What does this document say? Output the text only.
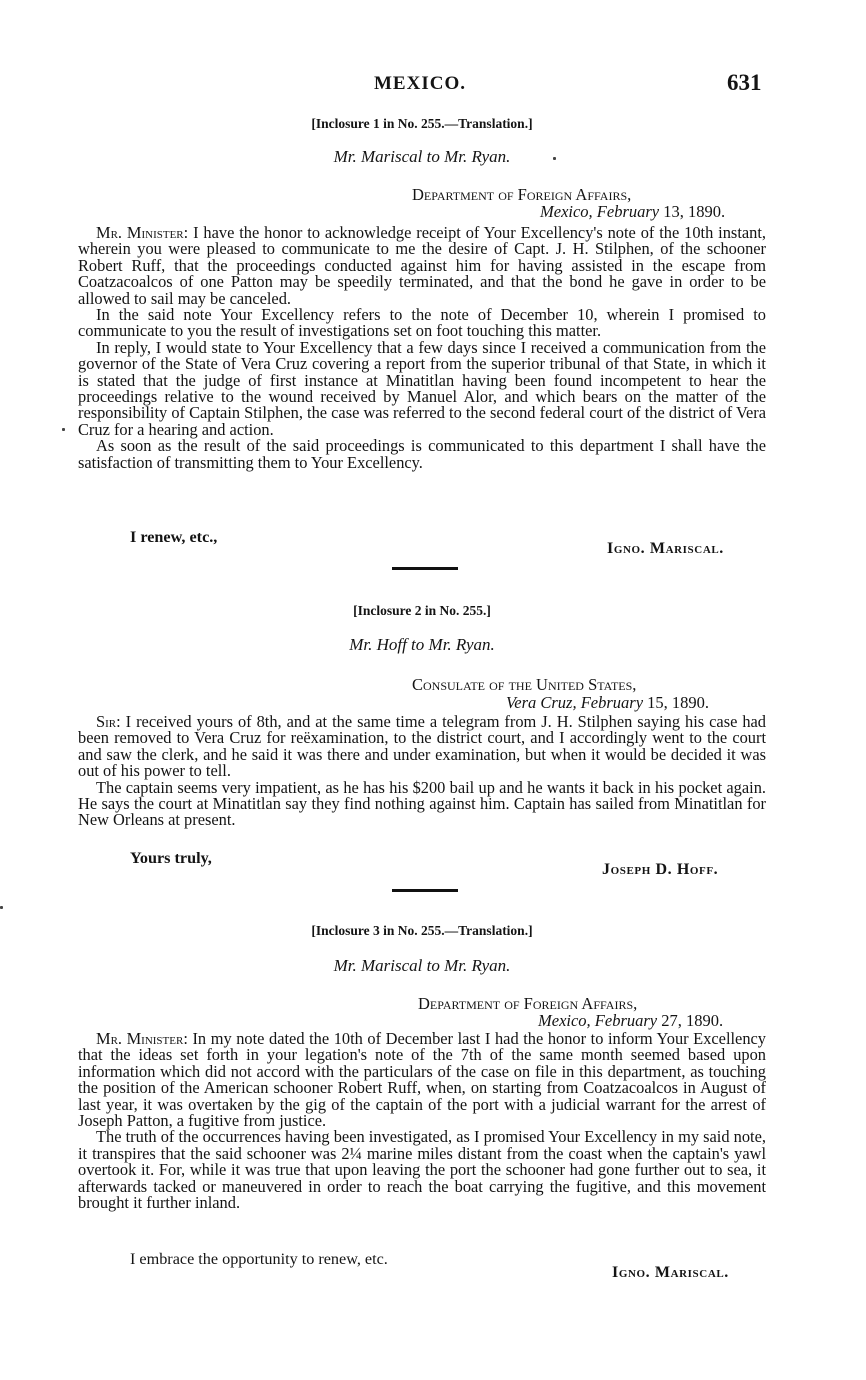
MEXICO.	631
[Inclosure 1 in No. 255.—Translation.]
Mr. Mariscal to Mr. Ryan.
Department of Foreign Affairs,
Mexico, February 13, 1890.

Mr. Minister: I have the honor to acknowledge receipt of Your Excellency's note of the 10th instant, wherein you were pleased to communicate to me the desire of Capt. J. H. Stilphen, of the schooner Robert Ruff, that the proceedings conducted against him for having assisted in the escape from Coatzacoalcos of one Patton may be speedily terminated, and that the bond he gave in order to be allowed to sail may be canceled.

In the said note Your Excellency refers to the note of December 10, wherein I promised to communicate to you the result of investigations set on foot touching this matter.

In reply, I would state to Your Excellency that a few days since I received a communication from the governor of the State of Vera Cruz covering a report from the superior tribunal of that State, in which it is stated that the judge of first instance at Minatitlan having been found incompetent to hear the proceedings relative to the wound received by Manuel Alor, and which bears on the matter of the responsibility of Captain Stilphen, the case was referred to the second federal court of the district of Vera Cruz for a hearing and action.

As soon as the result of the said proceedings is communicated to this department I shall have the satisfaction of transmitting them to Your Excellency.

I renew, etc.,
Igno. Mariscal.
[Inclosure 2 in No. 255.]
Mr. Hoff to Mr. Ryan.
Consulate of the United States,
Vera Cruz, February 15, 1890.

Sir: I received yours of 8th, and at the same time a telegram from J. H. Stilphen saying his case had been removed to Vera Cruz for reëxamination, to the district court, and I accordingly went to the court and saw the clerk, and he said it was there and under examination, but when it would be decided it was out of his power to tell.

The captain seems very impatient, as he has his $200 bail up and he wants it back in his pocket again. He says the court at Minatitlan say they find nothing against him. Captain has sailed from Minatitlan for New Orleans at present.

Yours truly,
Joseph D. Hoff.
[Inclosure 3 in No. 255.—Translation.]
Mr. Mariscal to Mr. Ryan.
Department of Foreign Affairs,
Mexico, February 27, 1890.

Mr. Minister: In my note dated the 10th of December last I had the honor to inform Your Excellency that the ideas set forth in your legation's note of the 7th of the same month seemed based upon information which did not accord with the particulars of the case on file in this department, as touching the position of the American schooner Robert Ruff, when, on starting from Coatzacoalcos in August of last year, it was overtaken by the gig of the captain of the port with a judicial warrant for the arrest of Joseph Patton, a fugitive from justice.

The truth of the occurrences having been investigated, as I promised Your Excellency in my said note, it transpires that the said schooner was 2¼ marine miles distant from the coast when the captain's yawl overtook it. For, while it was true that upon leaving the port the schooner had gone further out to sea, it afterwards tacked or maneuvered in order to reach the boat carrying the fugitive, and this movement brought it further inland.

I embrace the opportunity to renew, etc.
Igno. Mariscal.
